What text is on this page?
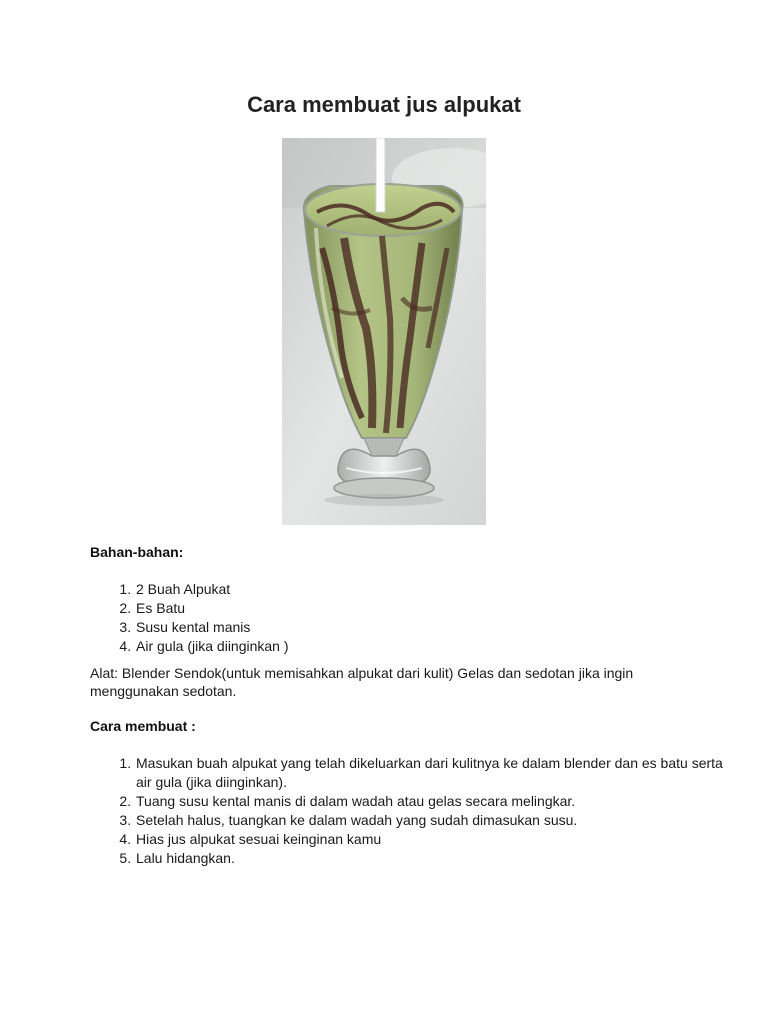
Cara membuat jus alpukat
Bahan-bahan:
1. 2 Buah Alpukat
2. Es Batu
3. Susu kental manis
4. Air gula (jika diinginkan )
Alat: Blender Sendok(untuk memisahkan alpukat dari kulit) Gelas dan sedotan jika ingin menggunakan sedotan.
Cara membuat :
1. Masukan buah alpukat yang telah dikeluarkan dari kulitnya ke dalam blender dan es batu serta air gula (jika diinginkan).
2. Tuang susu kental manis di dalam wadah atau gelas secara melingkar.
3. Setelah halus, tuangkan ke dalam wadah yang sudah dimasukan susu.
4. Hias jus alpukat sesuai keinginan kamu
5. Lalu hidangkan.
